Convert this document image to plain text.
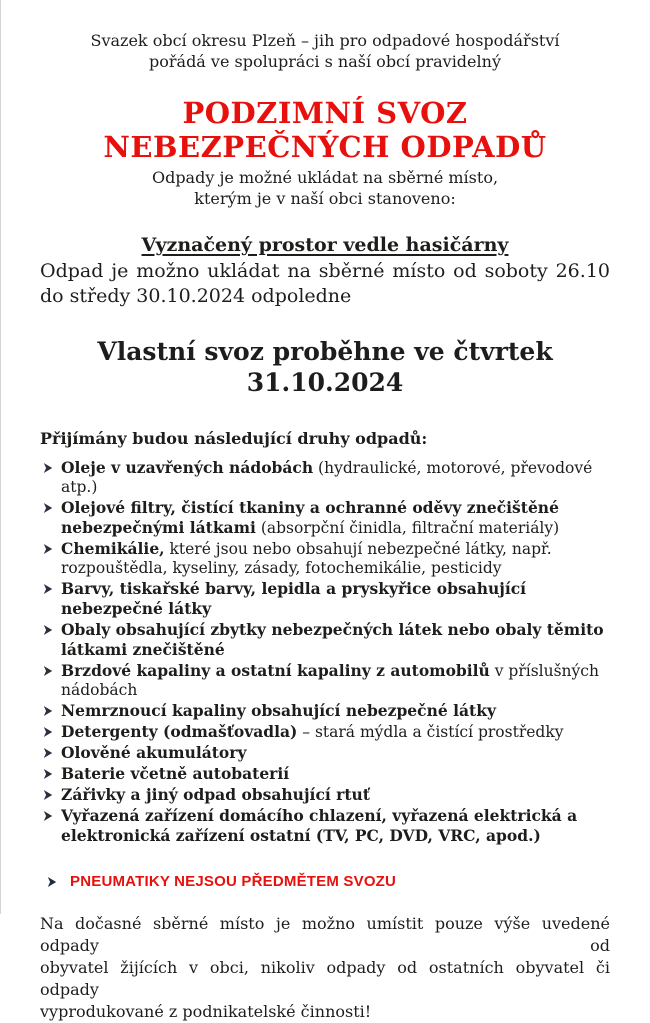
Svazek obcí okresu Plzeň – jih pro odpadové hospodářství
pořádá ve spolupráci s naší obcí pravidelný
PODZIMNÍ SVOZ
NEBEZPEČNÝCH ODPADŮ
Odpady je možné ukládat na sběrné místo,
kterým je v naší obci stanoveno:
Vyznačený prostor vedle hasičárny

Odpad je možno ukládat na sběrné místo od soboty 26.10
do středy 30.10.2024 odpoledne

Vlastní svoz proběhne ve čtvrtek 31.10.2024
Přijímány budou následující druhy odpadů:
Oleje v uzavřených nádobách (hydraulické, motorové, převodové atp.)
Olejové filtry, čistící tkaniny a ochranné oděvy znečištěné nebezpečnými látkami (absorpční činidla, filtrační materiály)
Chemikálie, které jsou nebo obsahují nebezpečné látky, např. rozpouštědla, kyseliny, zásady, fotochemikálie, pesticidy
Barvy, tiskařské barvy, lepidla a pryskyřice obsahující nebezpečné látky
Obaly obsahující zbytky nebezpečných látek nebo obaly těmito látkami znečištěné
Brzdové kapaliny a ostatní kapaliny z automobilů v příslušných nádobách
Nemrznoucí kapaliny obsahující nebezpečné látky
Detergenty (odmašťovadla) – stará mýdla a čistící prostředky
Olověné akumulátory
Baterie včetně autobaterií
Zářivky a jiný odpad obsahující rtuť
Vyřazená zařízení domácího chlazení, vyřazená elektrická a elektronická zařízení ostatní (TV, PC, DVD, VRC, apod.)
PNEUMATIKY NEJSOU PŘEDMĚTEM SVOZU

Na dočasné sběrné místo je možno umístit pouze výše uvedené odpady od
obyvatel žijících v obci, nikoliv odpady od ostatních obyvatel či odpady
vyprodukované z podnikatelské činnosti!
